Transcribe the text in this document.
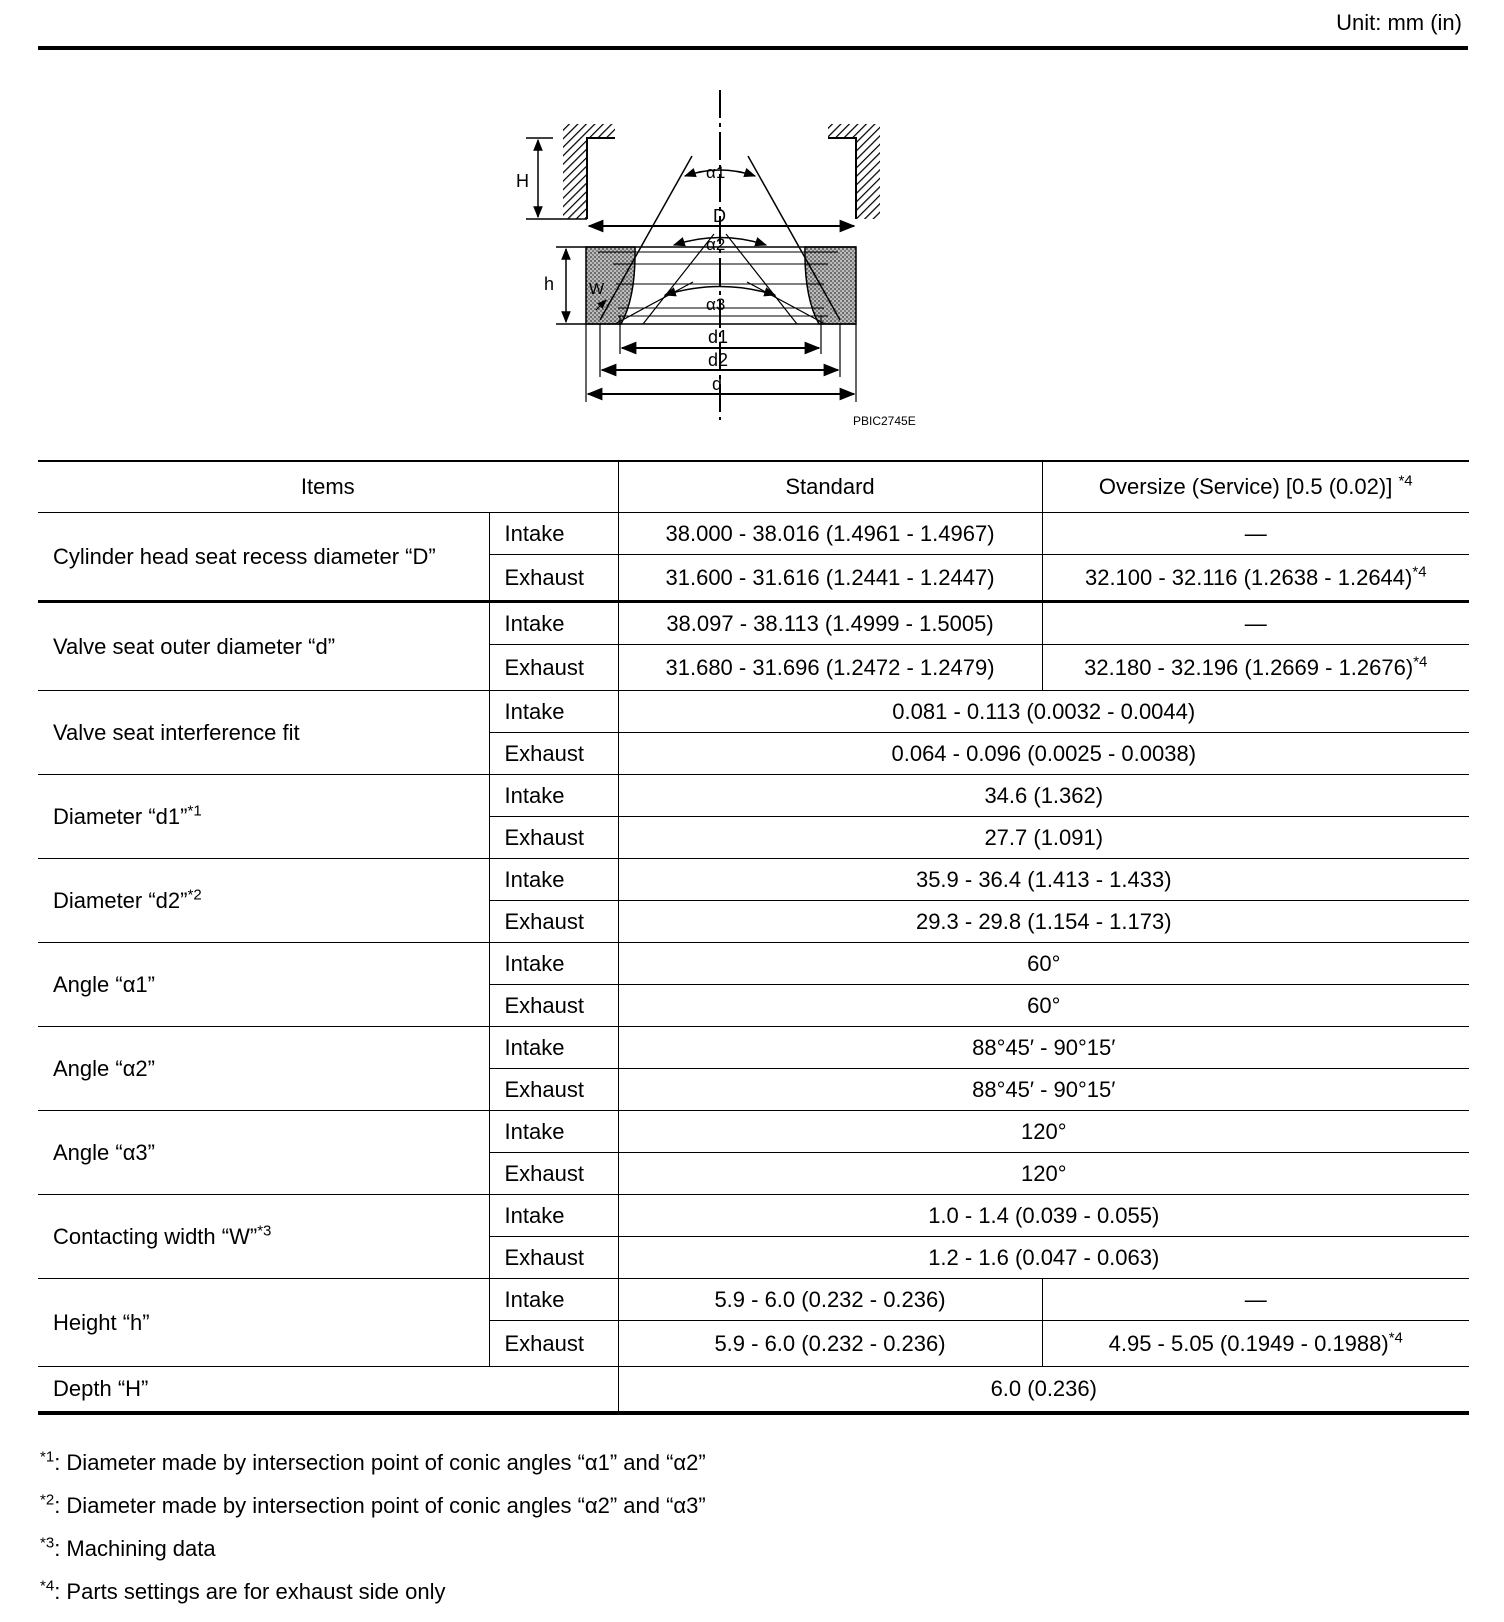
Unit: mm (in)
H
D
h W
α1
α2
α3
d1
d2
d
PBIC2745E
Items		Standard	Oversize (Service) [0.5 (0.02)] $^{*4}$
Cylinder head seat recess diameter “D”	Intake	38.000 - 38.016 (1.4961 - 1.4967)	—
	Exhaust	31.600 - 31.616 (1.2441 - 1.2447)	32.100 - 32.116 (1.2638 - 1.2644)$^{*4}$
Valve seat outer diameter “d”	Intake	38.097 - 38.113 (1.4999 - 1.5005)	—
	Exhaust	31.680 - 31.696 (1.2472 - 1.2479)	32.180 - 32.196 (1.2669 - 1.2676)$^{*4}$
Valve seat interference fit	Intake	0.081 - 0.113 (0.0032 - 0.0044)	
	Exhaust	0.064 - 0.096 (0.0025 - 0.0038)	
Diameter “d1”$^{*1}$	Intake	34.6 (1.362)	
	Exhaust	27.7 (1.091)	
Diameter “d2”$^{*2}$	Intake	35.9 - 36.4 (1.413 - 1.433)	
	Exhaust	29.3 - 29.8 (1.154 - 1.173)	
Angle “α1”	Intake	60°	
	Exhaust	60°	
Angle “α2”	Intake	88°45′ - 90°15′	
	Exhaust	88°45′ - 90°15′	
Angle “α3”	Intake	120°	
	Exhaust	120°	
Contacting width “W”$^{*3}$	Intake	1.0 - 1.4 (0.039 - 0.055)	
	Exhaust	1.2 - 1.6 (0.047 - 0.063)	
Height “h”	Intake	5.9 - 6.0 (0.232 - 0.236)	—
	Exhaust	5.9 - 6.0 (0.232 - 0.236)	4.95 - 5.05 (0.1949 - 0.1988)$^{*4}$
Depth “H”		6.0 (0.236)	
$^{*1}$: Diameter made by intersection point of conic angles “α1” and “α2”
$^{*2}$: Diameter made by intersection point of conic angles “α2” and “α3”
$^{*3}$: Machining data
$^{*4}$: Parts settings are for exhaust side only
